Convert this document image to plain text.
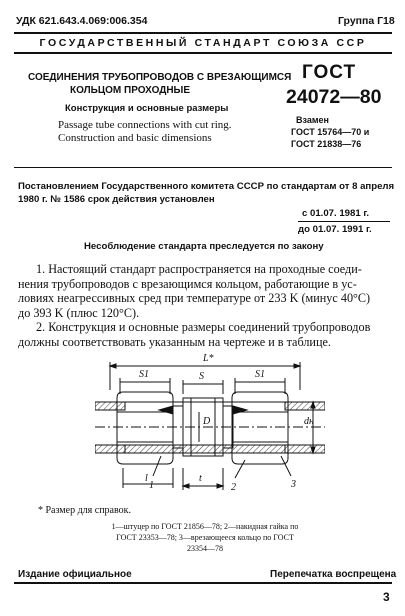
УДК 621.643.4.069:006.354	Группа Г18
ГОСУДАРСТВЕННЫЙ СТАНДАРТ СОЮЗА ССР
СОЕДИНЕНИЯ ТРУБОПРОВОДОВ С ВРЕЗАЮЩИМСЯ
КОЛЬЦОМ ПРОХОДНЫЕ
Конструкция и основные размеры
Passage tube connections with cut ring.
Construction and basic dimensions
ГОСТ
24072—80
Взамен
ГОСТ 15764—70 и
ГОСТ 21838—76
Постановлением Государственного комитета СССР по стандартам от 8 апреля
1980 г. № 1586 срок действия установлен
с 01.07. 1981 г.
до 01.07. 1991 г.
Несоблюдение стандарта преследуется по закону
1. Настоящий стандарт распространяется на проходные соеди-
нения трубопроводов с врезающимся кольцом, работающие в ус-
ловиях неагрессивных сред при температуре от 233 K (минус 40°C)
до 393 K (плюс 120°C).
2. Конструкция и основные размеры соединений трубопроводов
должны соответствовать указанным на чертеже и в таблице.
L*
S1	S	S1
D	dн
l	t
1	2	3
* Размер для справок.
1—штуцер по ГОСТ 21856—78; 2—накидная гайка по
ГОСТ 23353—78; 3—врезающееся кольцо по ГОСТ
23354—78
Издание официальное	Перепечатка воспрещена
3
